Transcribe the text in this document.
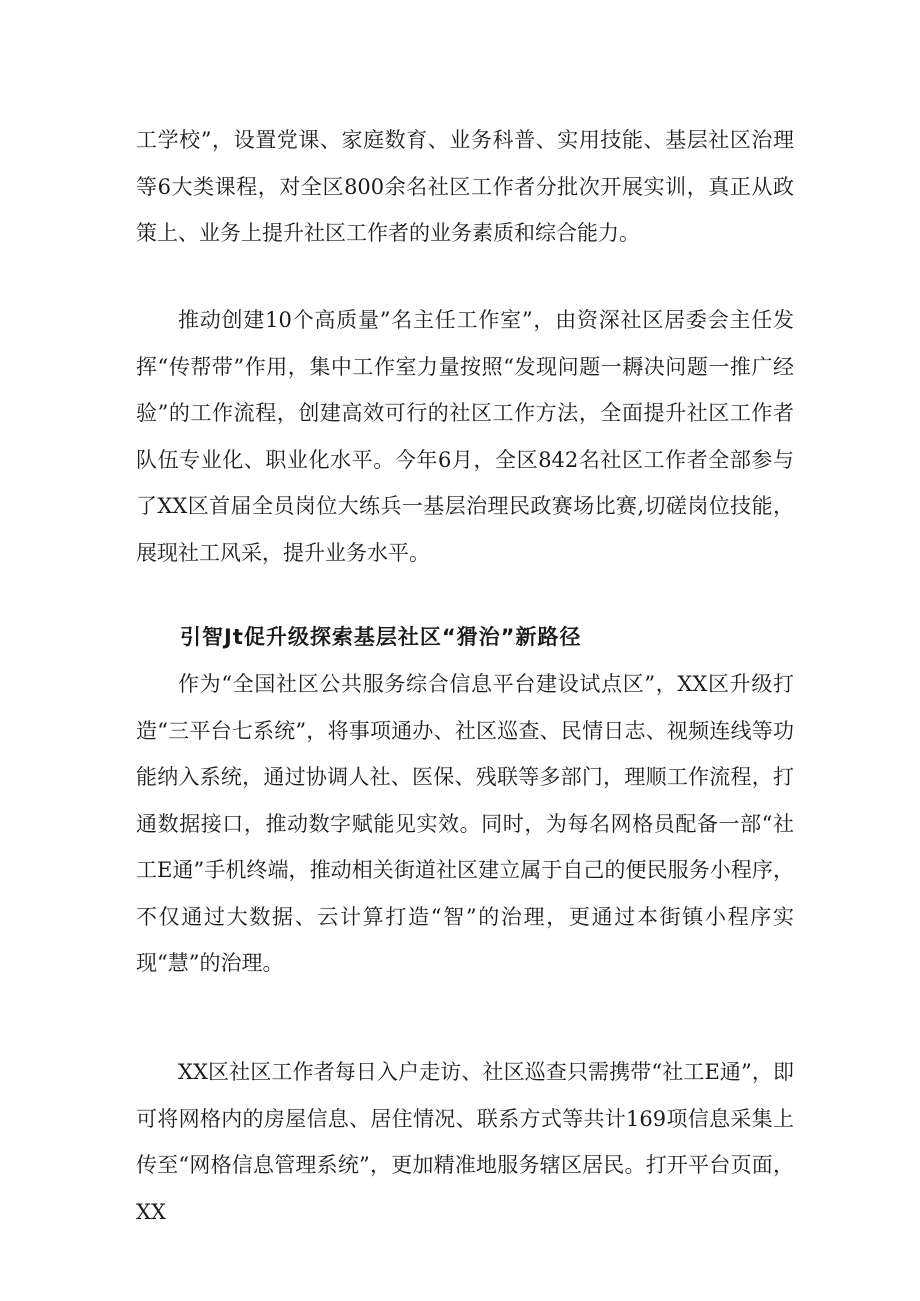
工学校”，设置党课、家庭数育、业务科普、实用技能、基层社区治理等6大类课程，对全区800余名社区工作者分批次开展实训，真正从政策上、业务上提升社区工作者的业务素质和综合能力。

推动创建10个高质量”名主任工作室”，由资深社区居委会主任发挥“传帮带”作用，集中工作室力量按照“发现问题一耨决问题一推广经验”的工作流程，创建高效可行的社区工作方法，全面提升社区工作者队伍专业化、职业化水平。今年6月，全区842名社区工作者全部参与了XX区首届全员岗位大练兵一基层治理民政赛场比赛,切磋岗位技能，展现社工风采，提升业务水平。

引智Jt促升级探索基层社区“猾治”新路径

作为“全国社区公共服务综合信息平台建设试点区”，XX区升级打造“三平台七系统”，将事项通办、社区巡查、民情日志、视频连线等功能纳入系统，通过协调人社、医保、残联等多部门，理顺工作流程，打通数据接口，推动数字赋能见实效。同时，为每名网格员配备一部“社工E通”手机终端，推动相关街道社区建立属于自己的便民服务小程序，不仅通过大数据、云计算打造“智”的治理，更通过本街镇小程序实现“慧”的治理。

XX区社区工作者每日入户走访、社区巡查只需携带“社工E通”，即可将网格内的房屋信息、居住情况、联系方式等共计169项信息采集上传至“网格信息管理系统”，更加精准地服务辖区居民。打开平台页面，XX
